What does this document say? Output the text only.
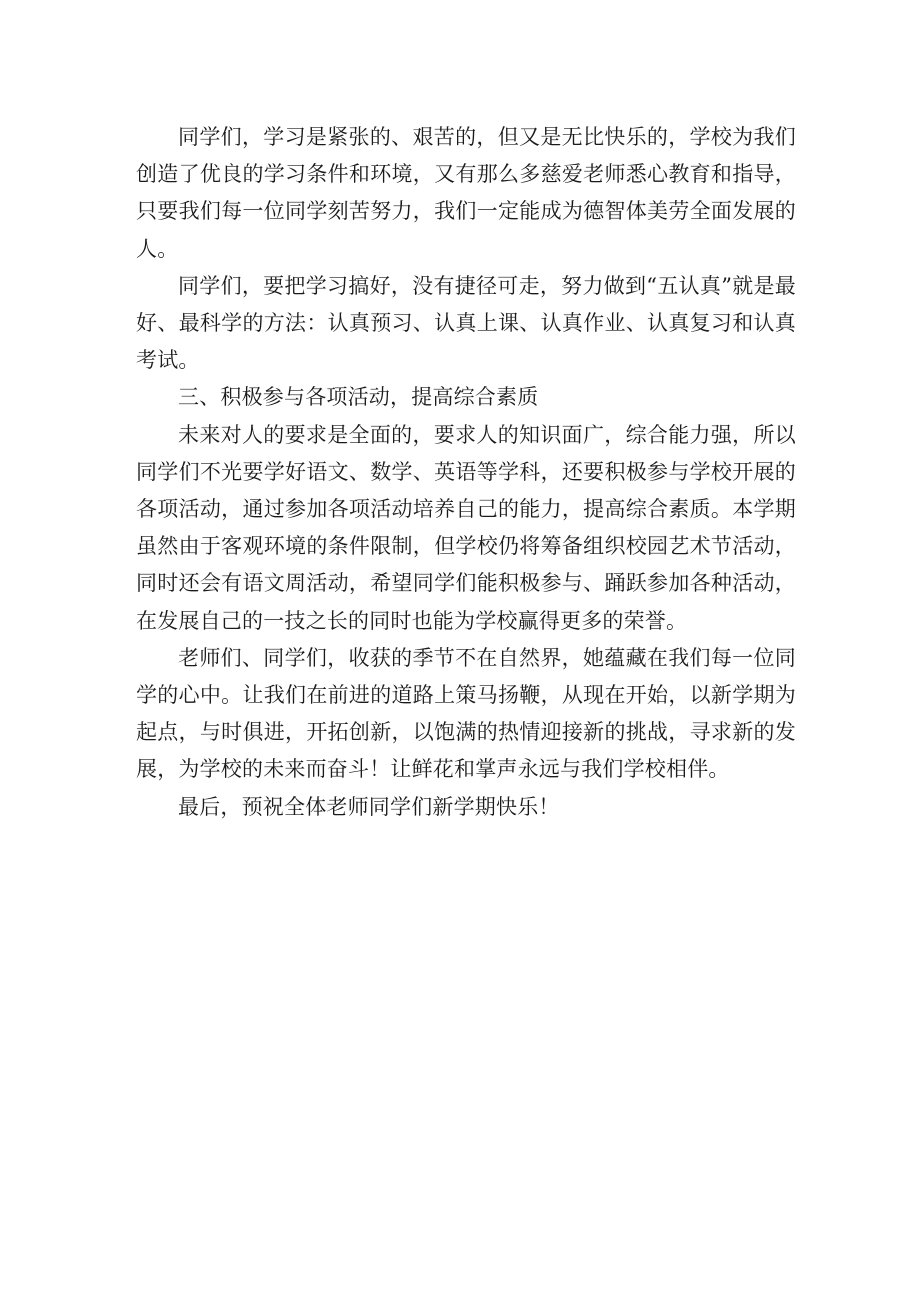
同学们，学习是紧张的、艰苦的，但又是无比快乐的，学校为我们创造了优良的学习条件和环境，又有那么多慈爱老师悉心教育和指导，只要我们每一位同学刻苦努力，我们一定能成为德智体美劳全面发展的人。

同学们，要把学习搞好，没有捷径可走，努力做到“五认真”就是最好、最科学的方法：认真预习、认真上课、认真作业、认真复习和认真考试。

三、积极参与各项活动，提高综合素质

未来对人的要求是全面的，要求人的知识面广，综合能力强，所以同学们不光要学好语文、数学、英语等学科，还要积极参与学校开展的各项活动，通过参加各项活动培养自己的能力，提高综合素质。本学期虽然由于客观环境的条件限制，但学校仍将筹备组织校园艺术节活动，同时还会有语文周活动，希望同学们能积极参与、踊跃参加各种活动，在发展自己的一技之长的同时也能为学校赢得更多的荣誉。

老师们、同学们，收获的季节不在自然界，她蕴藏在我们每一位同学的心中。让我们在前进的道路上策马扬鞭，从现在开始，以新学期为起点，与时俱进，开拓创新，以饱满的热情迎接新的挑战，寻求新的发展，为学校的未来而奋斗！让鲜花和掌声永远与我们学校相伴。

最后，预祝全体老师同学们新学期快乐！
